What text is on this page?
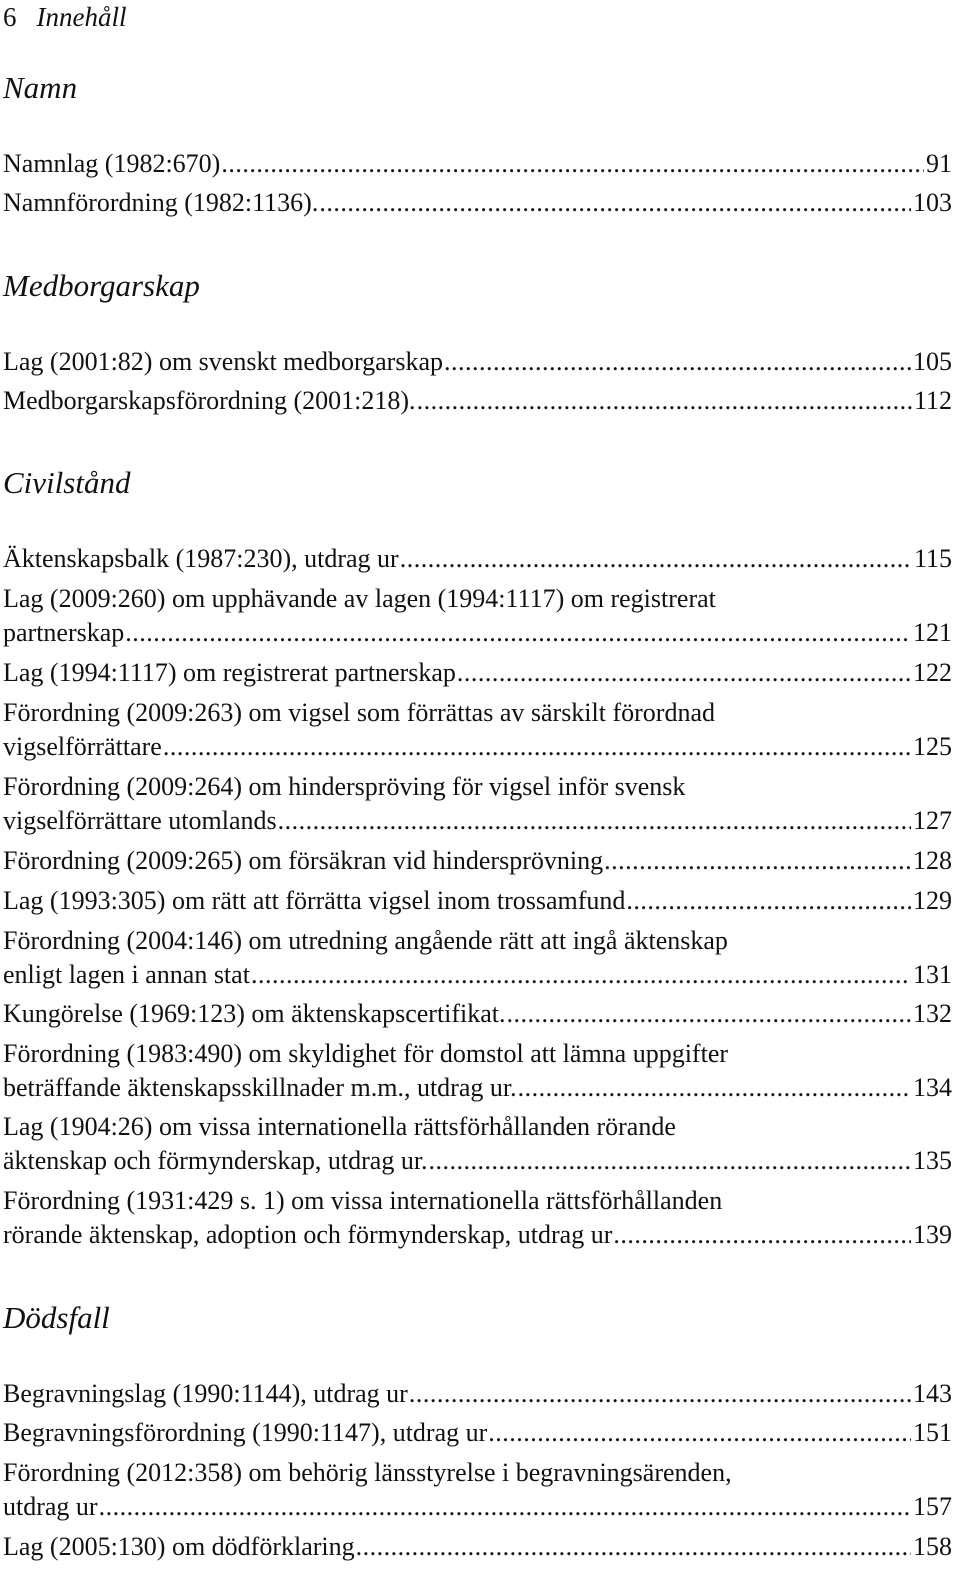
6 Innehåll
Namn
Namnlag (1982:670) .....	91
Namnförordning (1982:1136). .....	103
Medborgarskap
Lag (2001:82) om svenskt medborgarskap .....	105
Medborgarskapsförordning (2001:218). .....	112
Civilstånd
Äktenskapsbalk (1987:230), utdrag ur .....	115
Lag (2009:260) om upphävande av lagen (1994:1117) om registrerat
partnerskap .....	121
Lag (1994:1117) om registrerat partnerskap .....	122
Förordning (2009:263) om vigsel som förrättas av särskilt förordnad
vigselförrättare .....	125
Förordning (2009:264) om hinderspröving för vigsel inför svensk
vigselförrättare utomlands .....	127
Förordning (2009:265) om försäkran vid hindersprövning .....	128
Lag (1993:305) om rätt att förrätta vigsel inom trossamfund .....	129
Förordning (2004:146) om utredning angående rätt att ingå äktenskap
enligt lagen i annan stat .....	131
Kungörelse (1969:123) om äktenskapscertifikat. .....	132
Förordning (1983:490) om skyldighet för domstol att lämna uppgifter
beträffande äktenskapsskillnader m.m., utdrag ur. .....	134
Lag (1904:26) om vissa internationella rättsförhållanden rörande
äktenskap och förmynderskap, utdrag ur. .....	135
Förordning (1931:429 s. 1) om vissa internationella rättsförhållanden
rörande äktenskap, adoption och förmynderskap, utdrag ur .....	139
Dödsfall
Begravningslag (1990:1144), utdrag ur .....	143
Begravningsförordning (1990:1147), utdrag ur .....	151
Förordning (2012:358) om behörig länsstyrelse i begravningsärenden,
utdrag ur .....	157
Lag (2005:130) om dödförklaring .....	158
